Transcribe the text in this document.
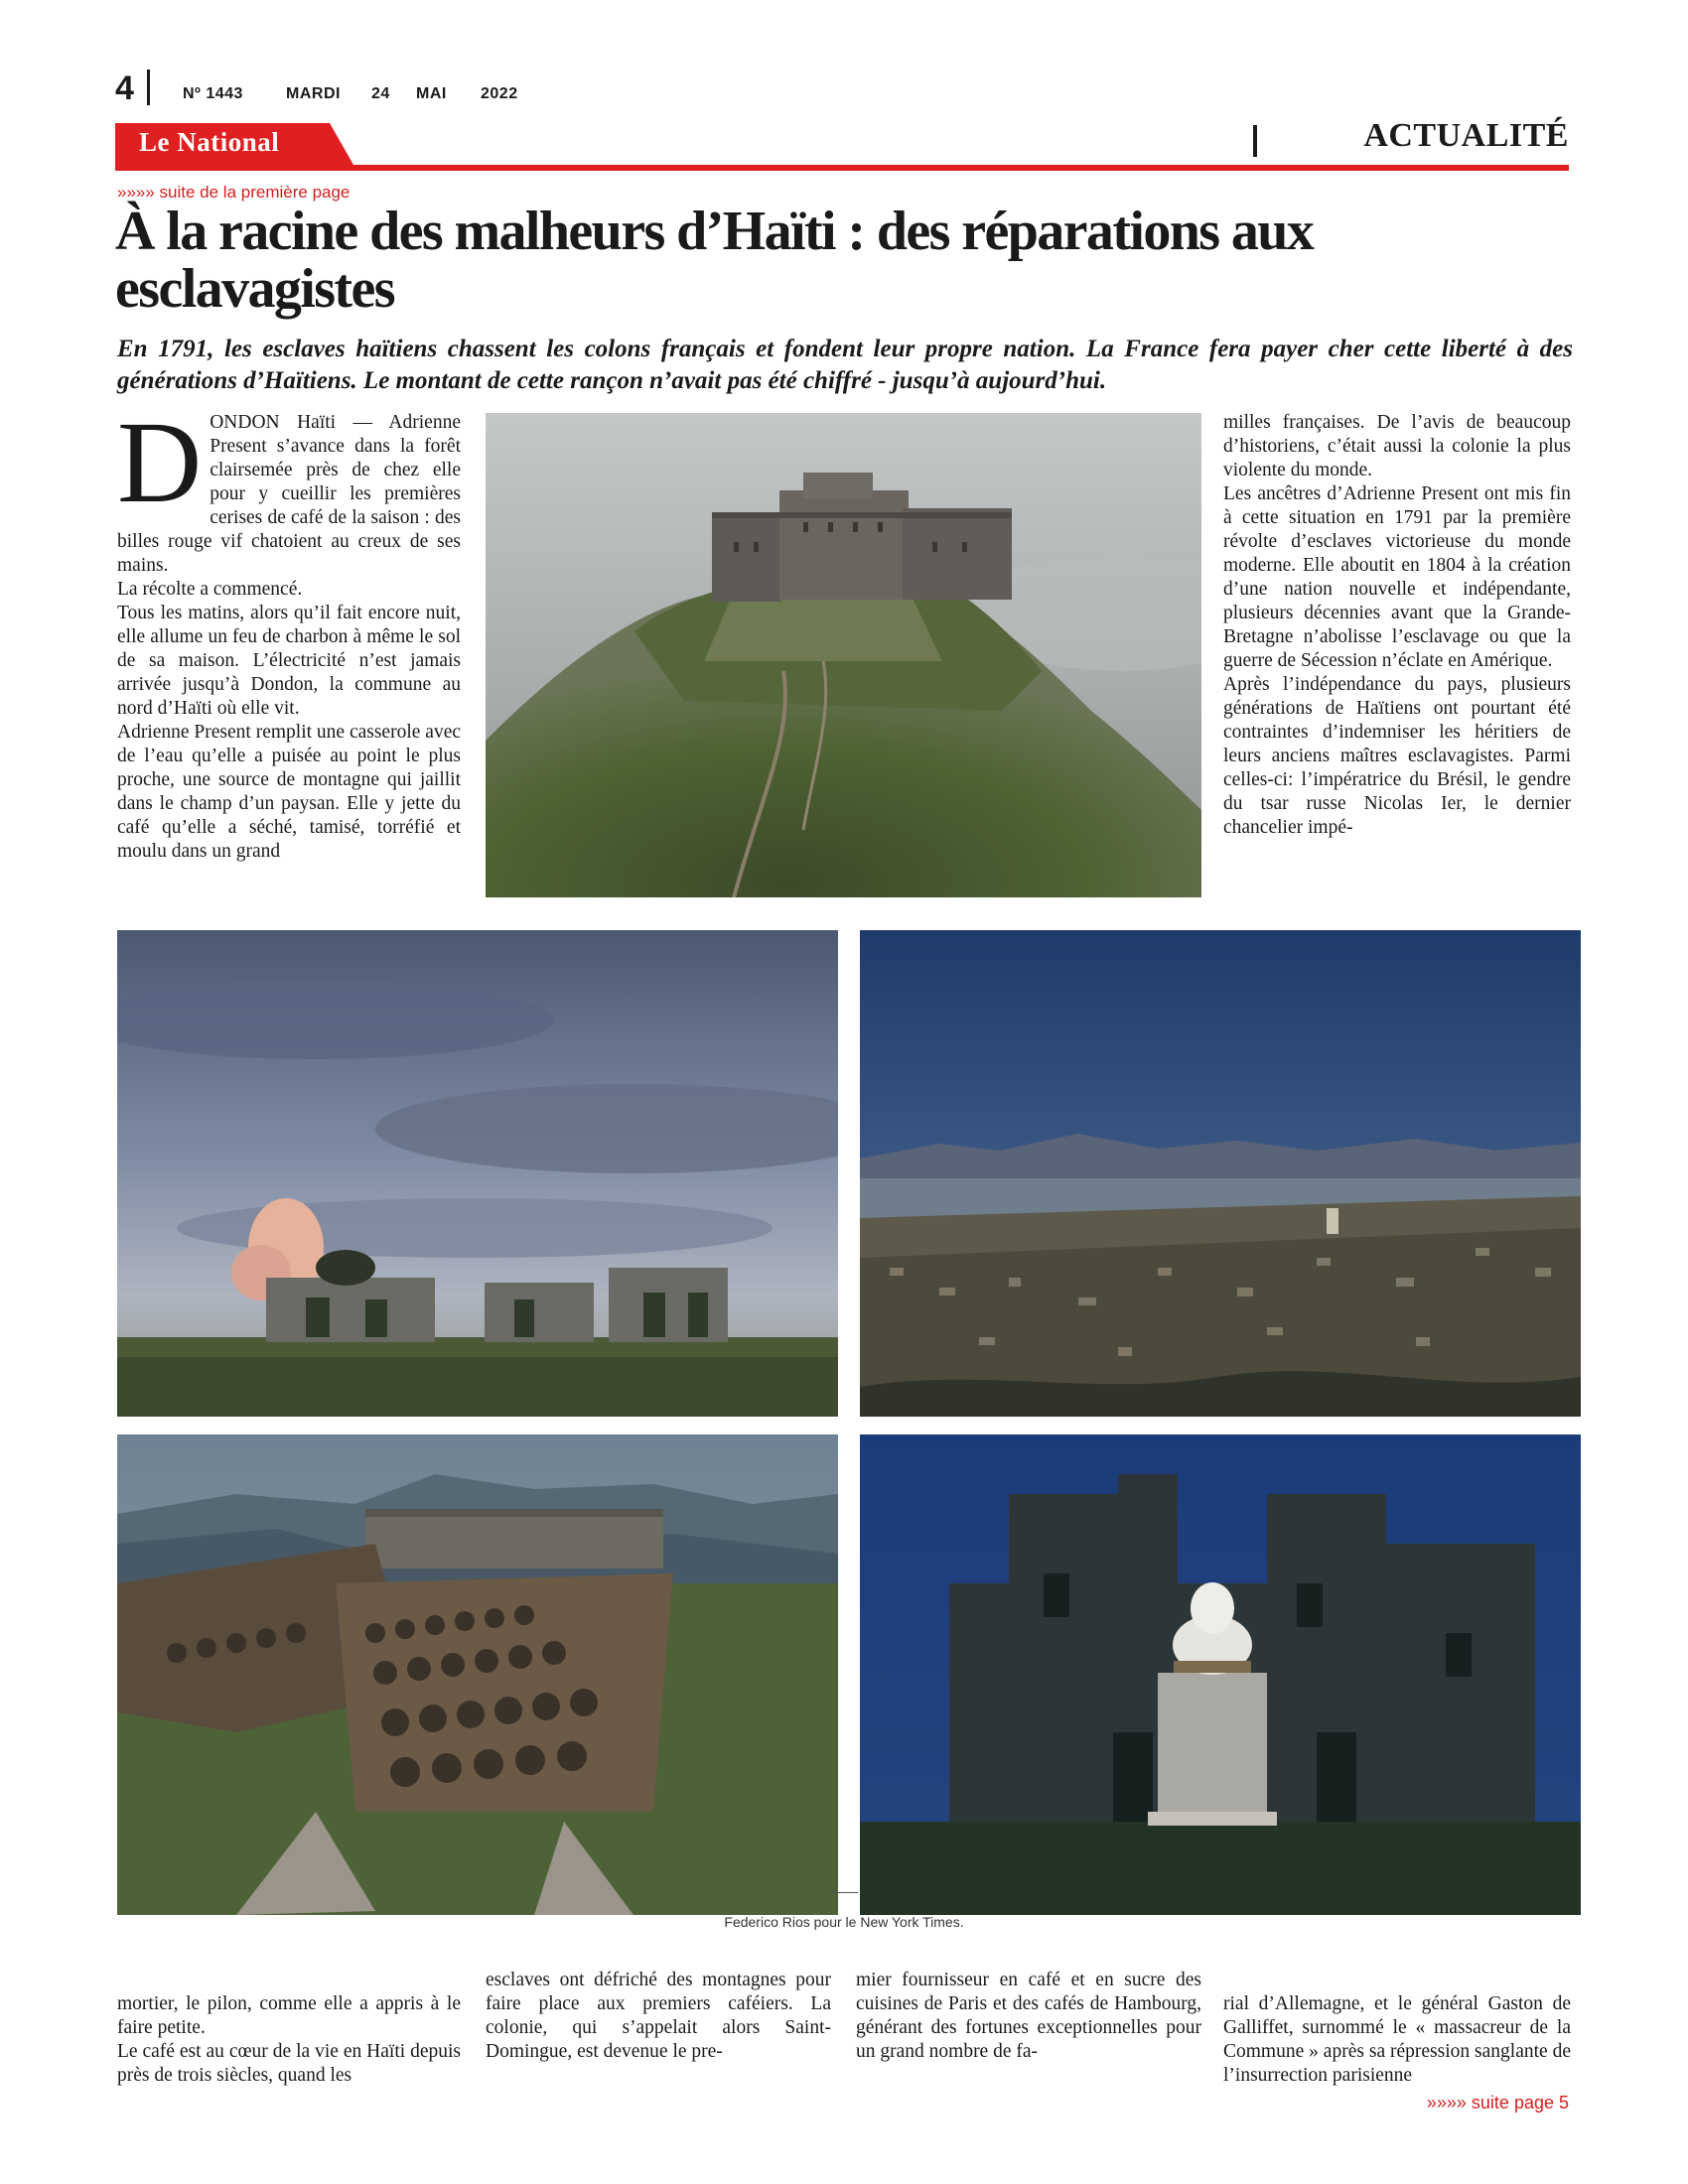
4	Nº 1443	MARDI 24 MAI 2022
Le National	ACTUALITÉ
»»»» suite de la première page
À la racine des malheurs d’Haïti : des réparations aux esclavagistes
En 1791, les esclaves haïtiens chassent les colons français et fondent leur propre nation. La France fera payer cher cette liberté à des générations d’Haïtiens. Le montant de cette rançon n’avait pas été chiffré - jusqu’à aujourd’hui.

DONDON Haïti — Adrienne Present s’avance dans la forêt clairsemée près de chez elle pour y cueillir les premières cerises de café de la saison : des billes rouge vif chatoient au creux de ses mains.

La récolte a commencé.

Tous les matins, alors qu’il fait encore nuit, elle allume un feu de charbon à même le sol de sa maison. L’électricité n’est jamais arrivée jusqu’à Dondon, la commune au nord d’Haïti où elle vit.

Adrienne Present remplit une casserole avec de l’eau qu’elle a puisée au point le plus proche, une source de montagne qui jaillit dans le champ d’un paysan. Elle y jette du café qu’elle a séché, tamisé, torréfié et moulu dans un grand

milles françaises. De l’avis de beaucoup d’historiens, c’était aussi la colonie la plus violente du monde.

Les ancêtres d’Adrienne Present ont mis fin à cette situation en 1791 par la première révolte d’esclaves victorieuse du monde moderne. Elle aboutit en 1804 à la création d’une nation nouvelle et indépendante, plusieurs décennies avant que la Grande-Bretagne n’abolisse l’esclavage ou que la guerre de Sécession n’éclate en Amérique.

Après l’indépendance du pays, plusieurs générations de Haïtiens ont pourtant été contraintes d’indemniser les héritiers de leurs anciens maîtres esclavagistes. Parmi celles-ci: l’impératrice du Brésil, le gendre du tsar russe Nicolas Ier, le dernier chancelier impé-

Federico Rios pour le New York Times.

mortier, le pilon, comme elle a appris à le faire petite.

Le café est au cœur de la vie en Haïti depuis près de trois siècles, quand les

esclaves ont défriché des montagnes pour faire place aux premiers caféiers. La colonie, qui s’appelait alors Saint-Domingue, est devenue le pre-

mier fournisseur en café et en sucre des cuisines de Paris et des cafés de Hambourg, générant des fortunes exceptionnelles pour un grand nombre de fa-

rial d’Allemagne, et le général Gaston de Galliffet, surnommé le « massacreur de la Commune » après sa répression sanglante de l’insurrection parisienne

»»»» suite page 5
